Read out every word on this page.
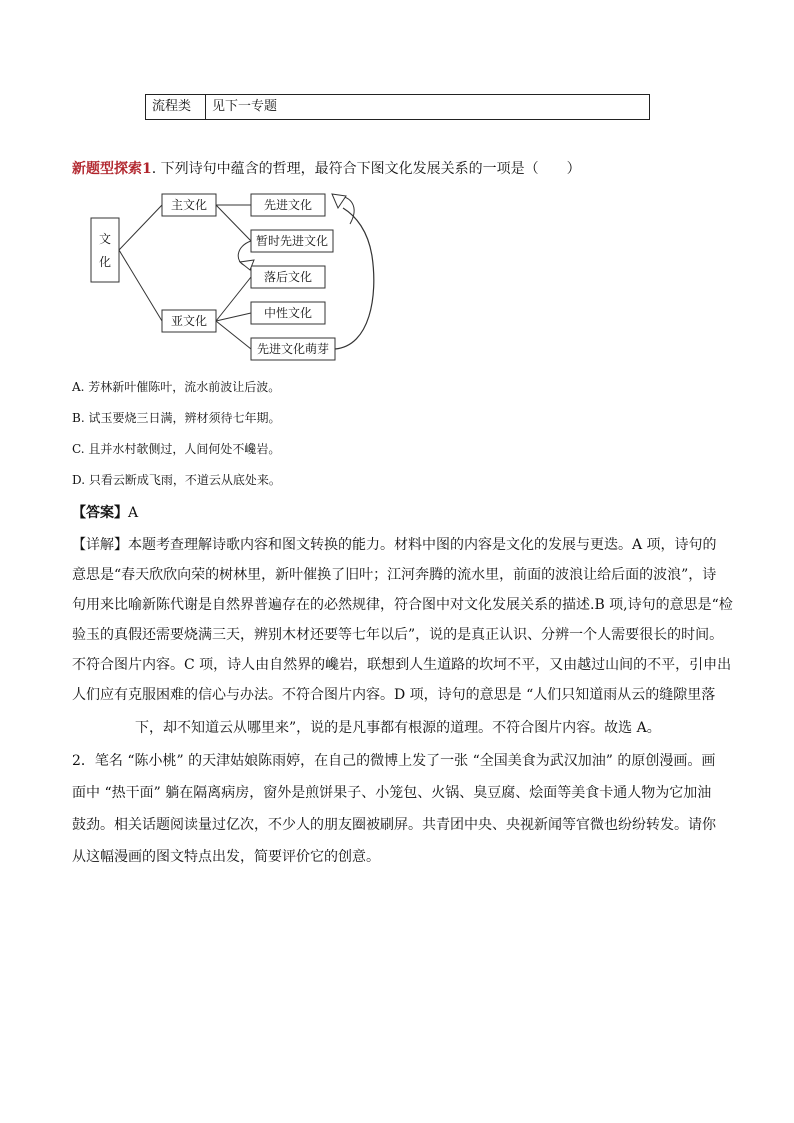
流程类	见下一专题
新题型探索1. 下列诗句中蕴含的哲理，最符合下图文化发展关系的一项是（　　）
文
化
主文化
亚文化
先进文化
暂时先进文化
落后文化
中性文化
先进文化萌芽
A. 芳林新叶催陈叶，流水前波让后波。
B. 试玉要烧三日满，辨材须待七年期。
C. 且并水村欹侧过，人间何处不巉岩。
D. 只看云断成飞雨，不道云从底处来。
【答案】A
【详解】本题考查理解诗歌内容和图文转换的能力。材料中图的内容是文化的发展与更迭。A 项，诗句的
意思是“春天欣欣向荣的树林里，新叶催换了旧叶；江河奔腾的流水里，前面的波浪让给后面的波浪”，诗
句用来比喻新陈代谢是自然界普遍存在的必然规律，符合图中对文化发展关系的描述.B 项,诗句的意思是“检
验玉的真假还需要烧满三天，辨别木材还要等七年以后”，说的是真正认识、分辨一个人需要很长的时间。
不符合图片内容。C 项，诗人由自然界的巉岩，联想到人生道路的坎坷不平，又由越过山间的不平，引申出
人们应有克服困难的信心与办法。不符合图片内容。D 项，诗句的意思是 “人们只知道雨从云的缝隙里落
下，却不知道云从哪里来”，说的是凡事都有根源的道理。不符合图片内容。故选 A。
2．笔名 “陈小桃” 的天津姑娘陈雨婷，在自己的微博上发了一张 “全国美食为武汉加油” 的原创漫画。画
面中 “热干面” 躺在隔离病房，窗外是煎饼果子、小笼包、火锅、臭豆腐、烩面等美食卡通人物为它加油
鼓劲。相关话题阅读量过亿次，不少人的朋友圈被刷屏。共青团中央、央视新闻等官微也纷纷转发。请你
从这幅漫画的图文特点出发，简要评价它的创意。
